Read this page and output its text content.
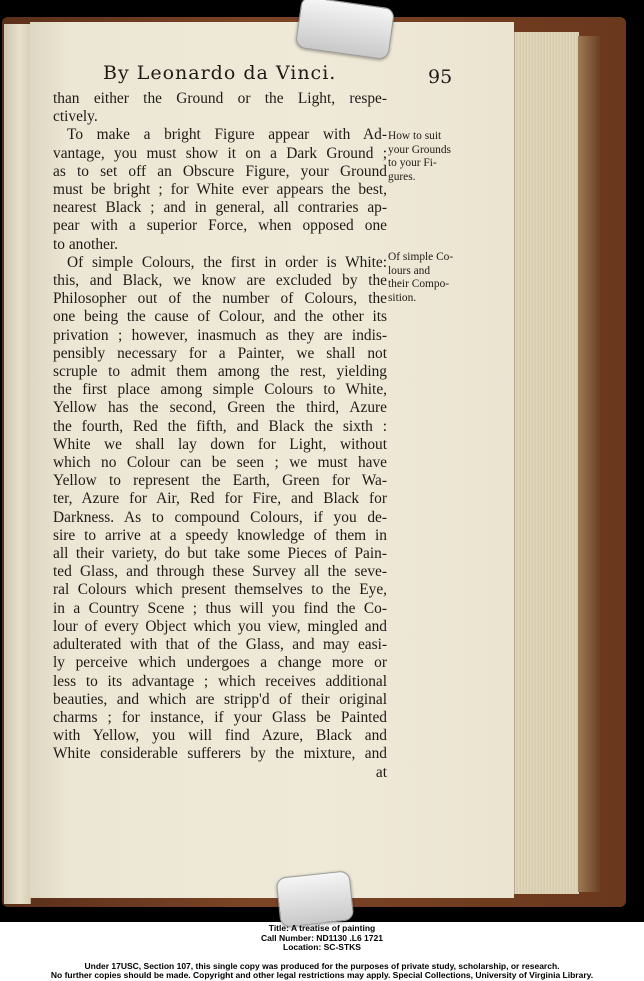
By Leonardo da Vinci.	95
than either the Ground or the Light, respe-
ctively.
To make a bright Figure appear with Ad-
vantage, you must show it on a Dark Ground ;
as to set off an Obscure Figure, your Ground
must be bright ; for White ever appears the best,
nearest Black ; and in general, all contraries ap-
pear with a superior Force, when opposed one
to another.
Of simple Colours, the first in order is White:
this, and Black, we know are excluded by the
Philosopher out of the number of Colours, the
one being the cause of Colour, and the other its
privation ; however, inasmuch as they are indis-
pensibly necessary for a Painter, we shall not
scruple to admit them among the rest, yielding
the first place among simple Colours to White,
Yellow has the second, Green the third, Azure
the fourth, Red the fifth, and Black the sixth :
White we shall lay down for Light, without
which no Colour can be seen ; we must have
Yellow to represent the Earth, Green for Wa-
ter, Azure for Air, Red for Fire, and Black for
Darkness. As to compound Colours, if you de-
sire to arrive at a speedy knowledge of them in
all their variety, do but take some Pieces of Pain-
ted Glass, and through these Survey all the seve-
ral Colours which present themselves to the Eye,
in a Country Scene ; thus will you find the Co-
lour of every Object which you view, mingled and
adulterated with that of the Glass, and may easi-
ly perceive which undergoes a change more or
less to its advantage ; which receives additional
beauties, and which are stripp'd of their original
charms ; for instance, if your Glass be Painted
with Yellow, you will find Azure, Black and
White considerable sufferers by the mixture, and
at
How to suit
your Grounds
to your Fi-
gures.
Of simple Co-
lours and
their Compo-
sition.
Title: A treatise of painting
Call Number: ND1130 .L6 1721
Location: SC-STKS
Under 17USC, Section 107, this single copy was produced for the purposes of private study, scholarship, or research.
No further copies should be made. Copyright and other legal restrictions may apply. Special Collections, University of Virginia Library.
